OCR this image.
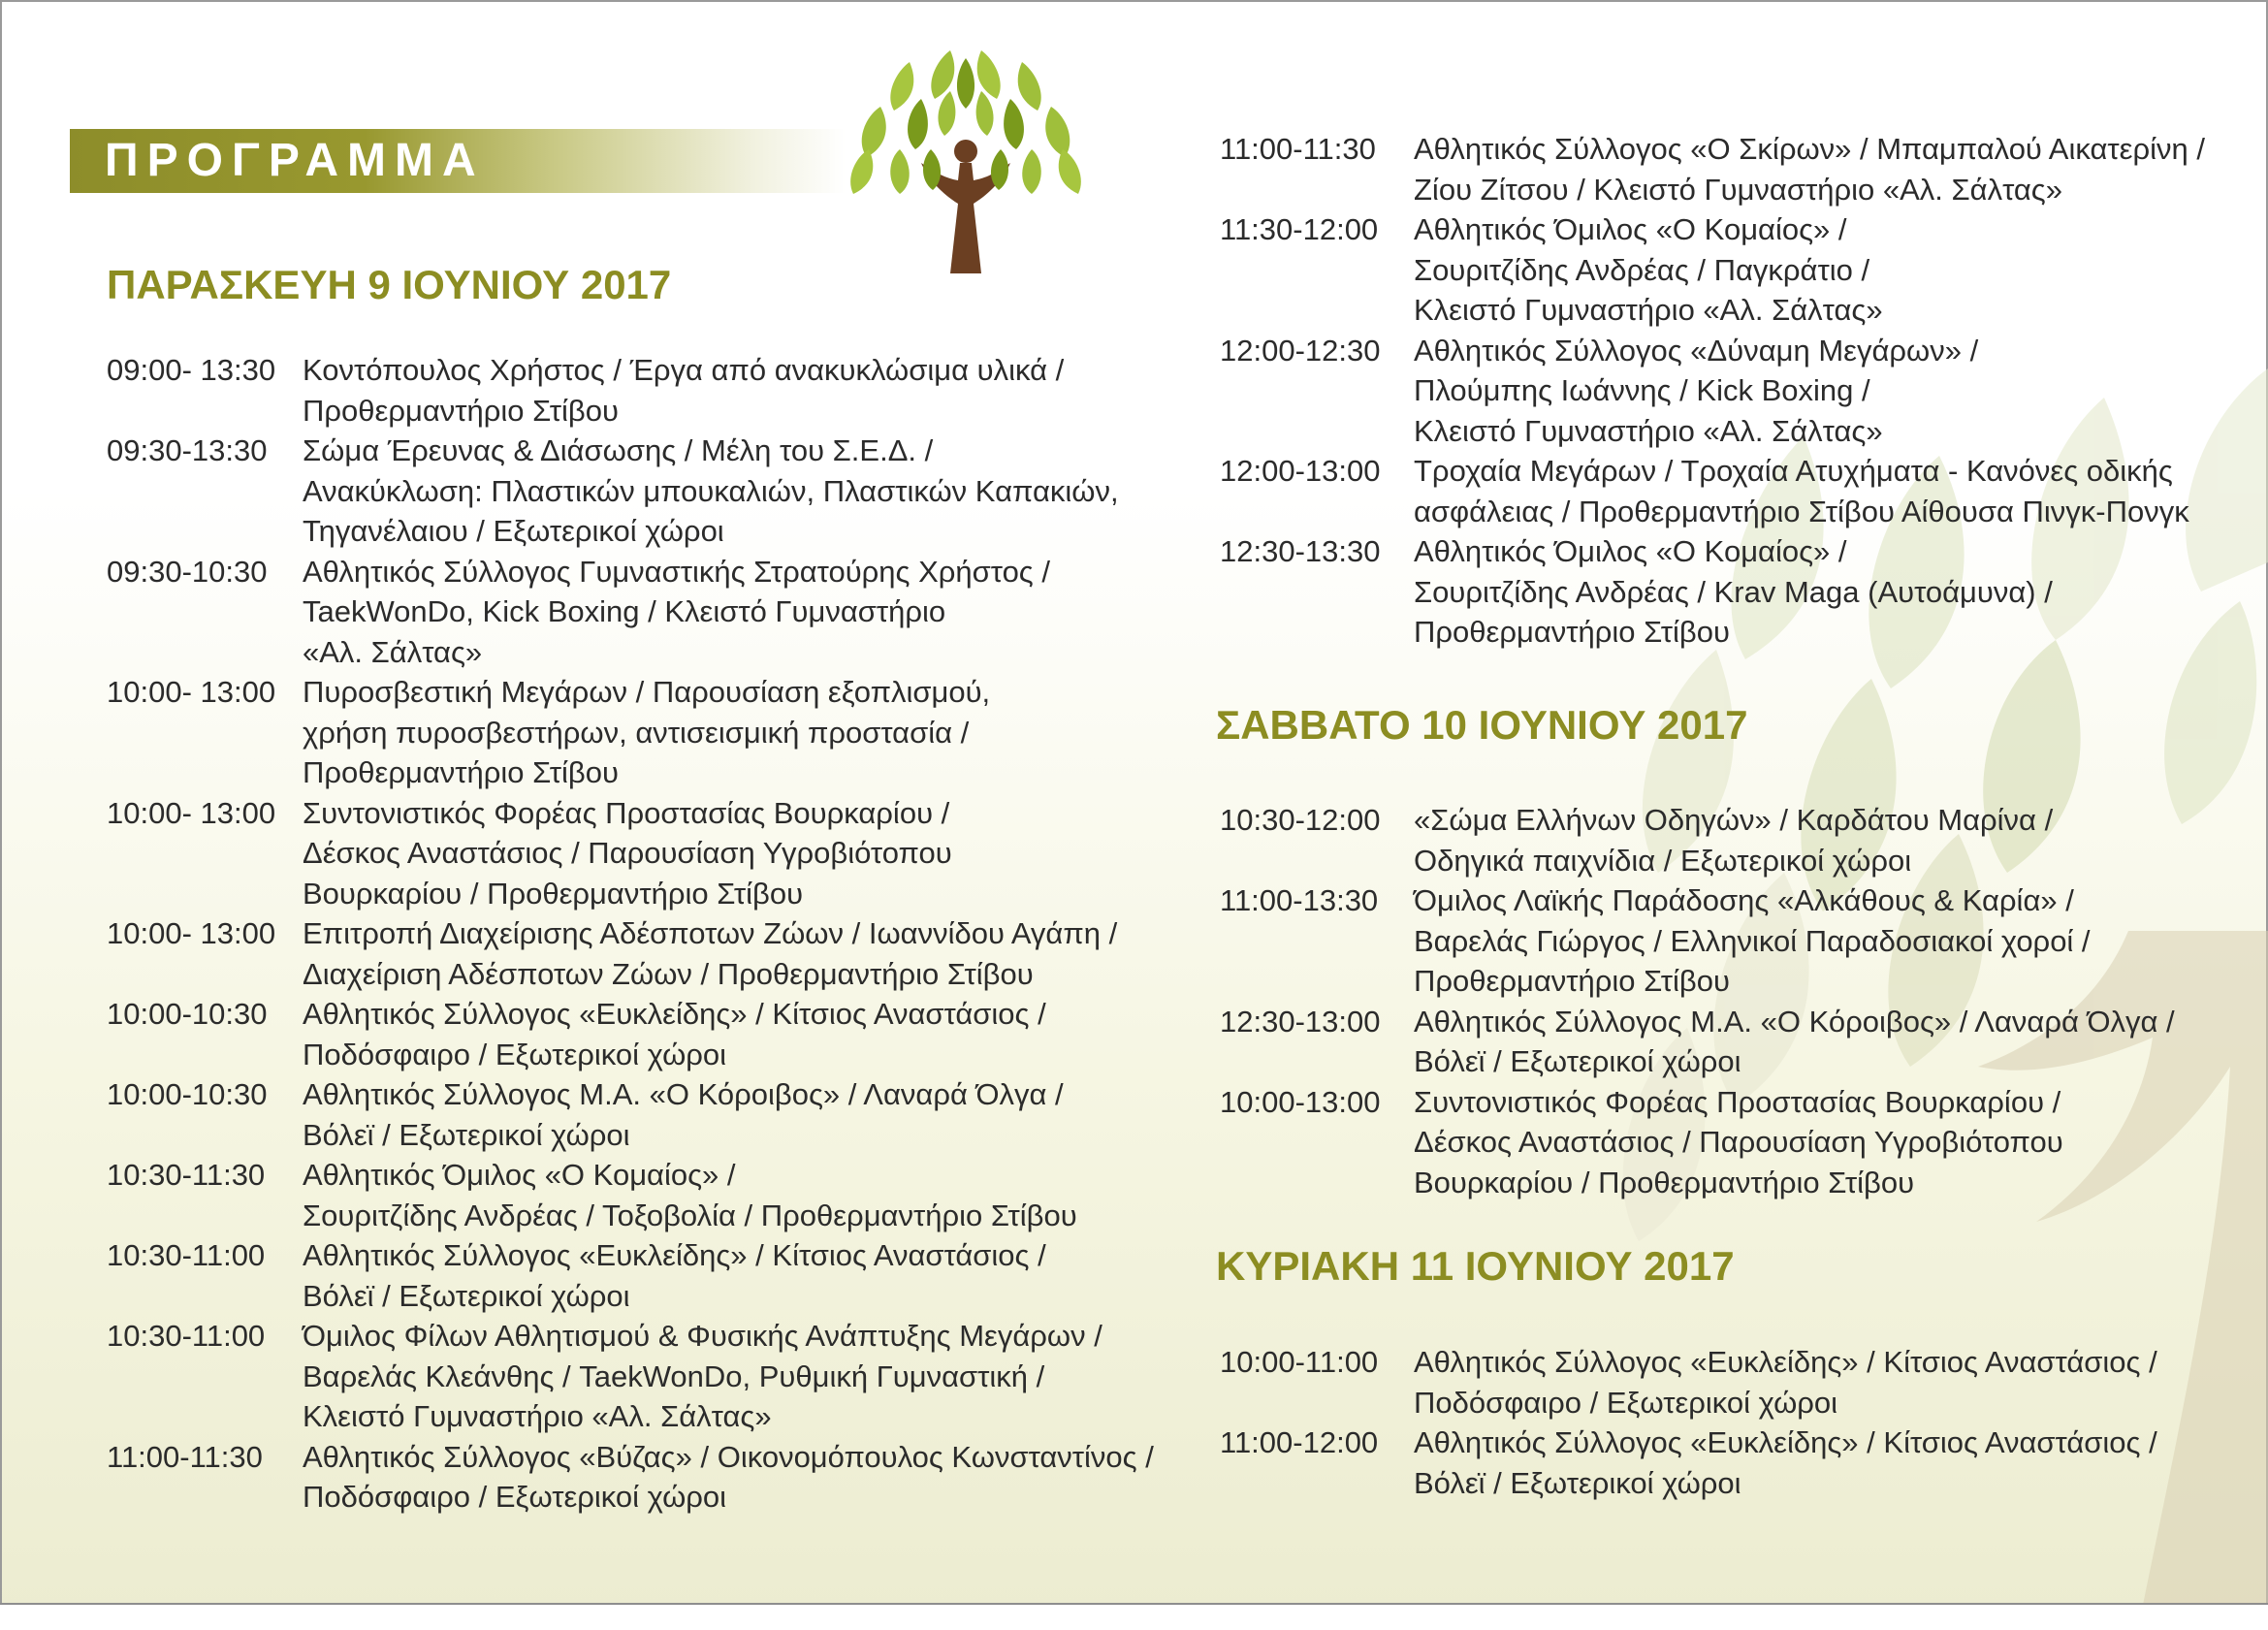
ΠΡΟΓΡΑΜΜΑ
ΠΑΡΑΣΚΕΥΗ 9 ΙΟΥΝΙΟΥ 2017
09:00- 13:30 Κοντόπουλος Χρήστος / Έργα από ανακυκλώσιμα υλικά /
Προθερμαντήριο Στίβου
09:30-13:30	Σώμα Έρευνας & Διάσωσης / Μέλη του Σ.Ε.Δ. /
Ανακύκλωση: Πλαστικών μπουκαλιών, Πλαστικών Καπακιών,
Τηγανέλαιου / Εξωτερικοί χώροι
09:30-10:30	Αθλητικός Σύλλογος Γυμναστικής Στρατούρης Χρήστος /
TaekWonDo, Kick Boxing / Κλειστό Γυμναστήριο
«Αλ. Σάλτας»
10:00- 13:00 Πυροσβεστική Μεγάρων / Παρουσίαση εξοπλισμού,
χρήση πυροσβεστήρων, αντισεισμική προστασία /
Προθερμαντήριο Στίβου
10:00- 13:00 Συντονιστικός Φορέας Προστασίας Βουρκαρίου /
Δέσκος Αναστάσιος / Παρουσίαση Υγροβιότοπου
Βουρκαρίου / Προθερμαντήριο Στίβου
10:00- 13:00 Επιτροπή Διαχείρισης Αδέσποτων Ζώων / Ιωαννίδου Αγάπη /
Διαχείριση Αδέσποτων Ζώων / Προθερμαντήριο Στίβου
10:00-10:30	Αθλητικός Σύλλογος «Ευκλείδης» / Κίτσιος Αναστάσιος /
Ποδόσφαιρο / Εξωτερικοί χώροι
10:00-10:30	Αθλητικός Σύλλογος Μ.Α. «Ο Κόροιβος» / Λαναρά Όλγα /
Βόλεϊ / Εξωτερικοί χώροι
10:30-11:30	Αθλητικός Όμιλος «Ο Κομαίος» /
Σουριτζίδης Ανδρέας / Τοξοβολία / Προθερμαντήριο Στίβου
10:30-11:00	Αθλητικός Σύλλογος «Ευκλείδης» / Κίτσιος Αναστάσιος /
Βόλεϊ / Εξωτερικοί χώροι
10:30-11:00	Όμιλος Φίλων Αθλητισμού & Φυσικής Ανάπτυξης Μεγάρων /
Βαρελάς Κλεάνθης / TaekWonDo, Ρυθμική Γυμναστική /
Κλειστό Γυμναστήριο «Αλ. Σάλτας»
11:00-11:30	Αθλητικός Σύλλογος «Βύζας» / Οικονομόπουλος Κωνσταντίνος /
Ποδόσφαιρο / Εξωτερικοί χώροι
11:00-11:30	Αθλητικός Σύλλογος «Ο Σκίρων» / Μπαμπαλού Αικατερίνη /
Ζίου Ζίτσου / Κλειστό Γυμναστήριο «Αλ. Σάλτας»
11:30-12:00	Αθλητικός Όμιλος «Ο Κομαίος» /
Σουριτζίδης Ανδρέας / Παγκράτιο /
Κλειστό Γυμναστήριο «Αλ. Σάλτας»
12:00-12:30	Αθλητικός Σύλλογος «Δύναμη Μεγάρων» /
Πλούμπης Ιωάννης / Kick Boxing /
Κλειστό Γυμναστήριο «Αλ. Σάλτας»
12:00-13:00	Τροχαία Μεγάρων / Τροχαία Ατυχήματα - Κανόνες οδικής
ασφάλειας / Προθερμαντήριο Στίβου Αίθουσα Πινγκ-Πονγκ
12:30-13:30	Αθλητικός Όμιλος «Ο Κομαίος» /
Σουριτζίδης Ανδρέας / Krav Maga (Αυτοάμυνα) /
Προθερμαντήριο Στίβου
ΣΑΒΒΑΤΟ 10 ΙΟΥΝΙΟΥ 2017
10:30-12:00	«Σώμα Ελλήνων Οδηγών» / Καρδάτου Μαρίνα /
Οδηγικά παιχνίδια / Εξωτερικοί χώροι
11:00-13:30	Όμιλος Λαϊκής Παράδοσης «Αλκάθους & Καρία» /
Βαρελάς Γιώργος / Ελληνικοί Παραδοσιακοί χοροί /
Προθερμαντήριο Στίβου
12:30-13:00	Αθλητικός Σύλλογος Μ.Α. «Ο Κόροιβος» / Λαναρά Όλγα /
Βόλεϊ / Εξωτερικοί χώροι
10:00-13:00	Συντονιστικός Φορέας Προστασίας Βουρκαρίου /
Δέσκος Αναστάσιος / Παρουσίαση Υγροβιότοπου
Βουρκαρίου / Προθερμαντήριο Στίβου
ΚΥΡΙΑΚΗ 11 ΙΟΥΝΙΟΥ 2017
10:00-11:00	Αθλητικός Σύλλογος «Ευκλείδης» / Κίτσιος Αναστάσιος /
Ποδόσφαιρο / Εξωτερικοί χώροι
11:00-12:00	Αθλητικός Σύλλογος «Ευκλείδης» / Κίτσιος Αναστάσιος /
Βόλεϊ / Εξωτερικοί χώροι
